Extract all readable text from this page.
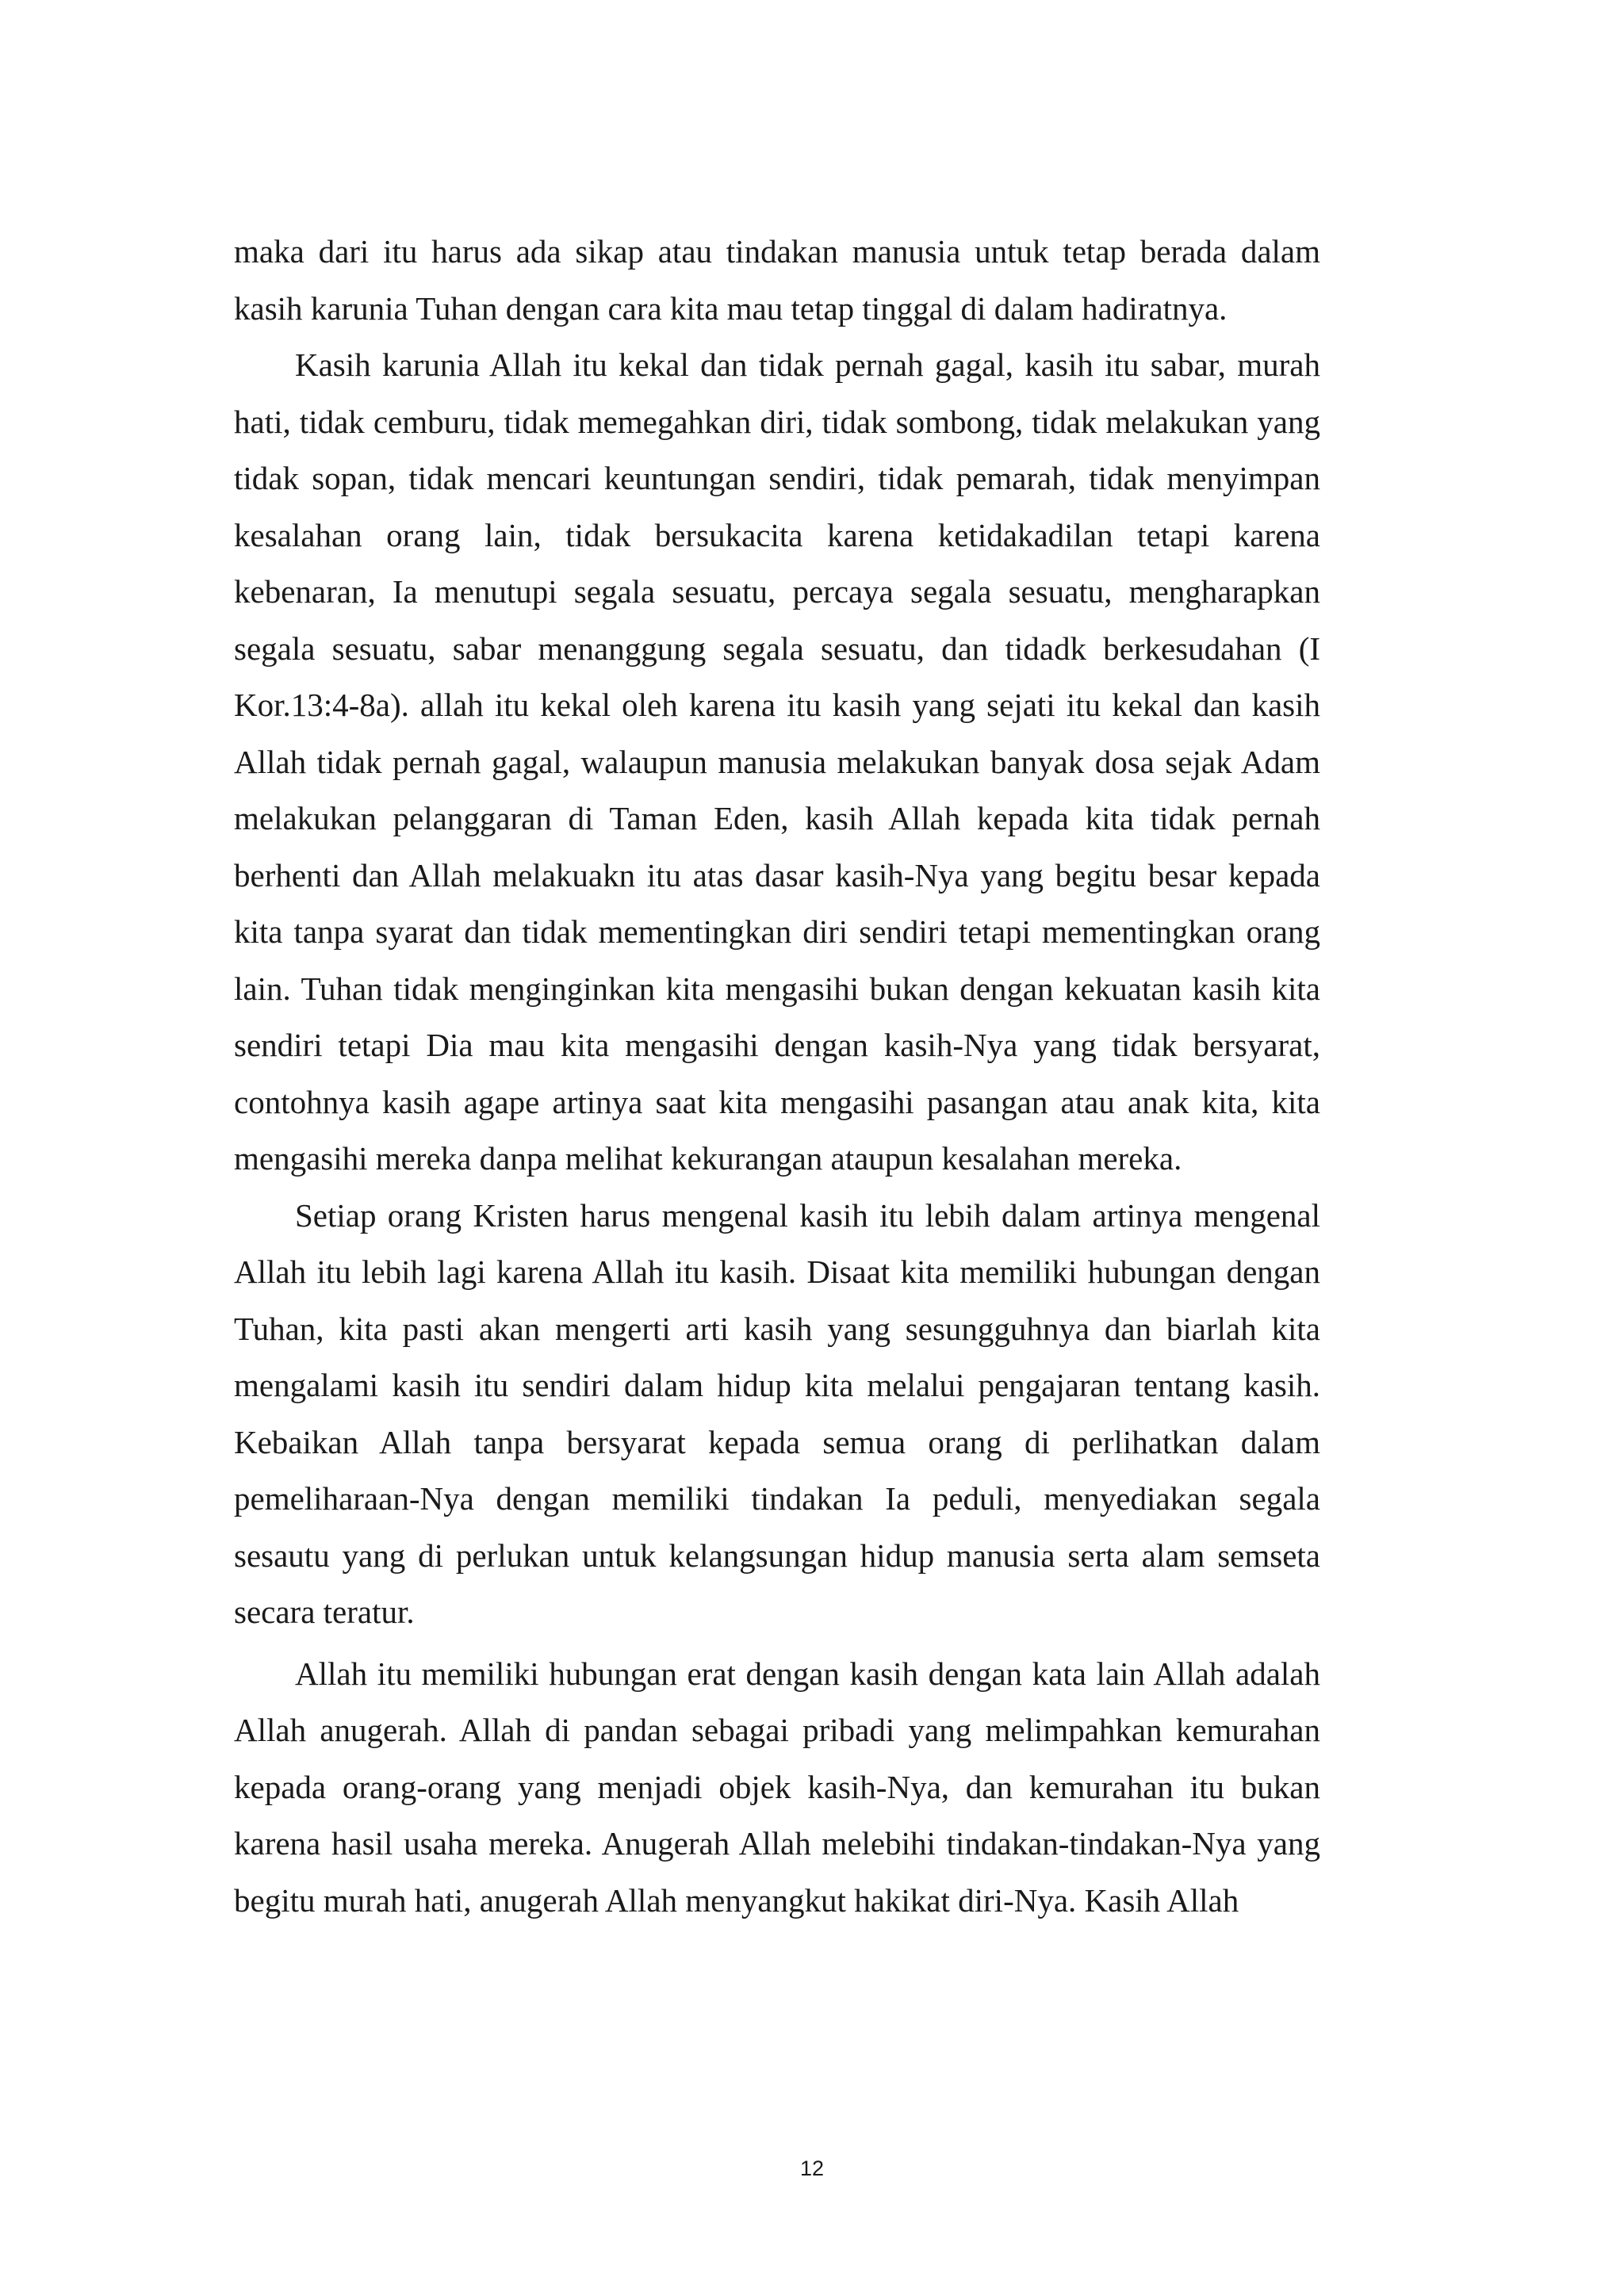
maka dari itu harus ada sikap atau tindakan manusia untuk tetap berada dalam kasih karunia Tuhan dengan cara kita mau tetap tinggal di dalam hadiratnya.

Kasih karunia Allah itu kekal dan tidak pernah gagal, kasih itu sabar, murah hati, tidak cemburu, tidak memegahkan diri, tidak sombong, tidak melakukan yang tidak sopan, tidak mencari keuntungan sendiri, tidak pemarah, tidak menyimpan kesalahan orang lain, tidak bersukacita karena ketidakadilan tetapi karena kebenaran, Ia menutupi segala sesuatu, percaya segala sesuatu, mengharapkan segala sesuatu, sabar menanggung segala sesuatu, dan tidadk berkesudahan (I Kor.13:4-8a). allah itu kekal oleh karena itu kasih yang sejati itu kekal dan kasih Allah tidak pernah gagal, walaupun manusia melakukan banyak dosa sejak Adam melakukan pelanggaran di Taman Eden, kasih Allah kepada kita tidak pernah berhenti dan Allah melakuakn itu atas dasar kasih-Nya yang begitu besar kepada kita tanpa syarat dan tidak mementingkan diri sendiri tetapi mementingkan orang lain. Tuhan tidak menginginkan kita mengasihi bukan dengan kekuatan kasih kita sendiri tetapi Dia mau kita mengasihi dengan kasih-Nya yang tidak bersyarat, contohnya kasih agape artinya saat kita mengasihi pasangan atau anak kita, kita mengasihi mereka danpa melihat kekurangan ataupun kesalahan mereka.

Setiap orang Kristen harus mengenal kasih itu lebih dalam artinya mengenal Allah itu lebih lagi karena Allah itu kasih. Disaat kita memiliki hubungan dengan Tuhan, kita pasti akan mengerti arti kasih yang sesungguhnya dan biarlah kita mengalami kasih itu sendiri dalam hidup kita melalui pengajaran tentang kasih. Kebaikan Allah tanpa bersyarat kepada semua orang di perlihatkan dalam pemeliharaan-Nya dengan memiliki tindakan Ia peduli, menyediakan segala sesautu yang di perlukan untuk kelangsungan hidup manusia serta alam semseta secara teratur.

Allah itu memiliki hubungan erat dengan kasih dengan kata lain Allah adalah Allah anugerah. Allah di pandan sebagai pribadi yang melimpahkan kemurahan kepada orang-orang yang menjadi objek kasih-Nya, dan kemurahan itu bukan karena hasil usaha mereka. Anugerah Allah melebihi tindakan-tindakan-Nya yang begitu murah hati, anugerah Allah menyangkut hakikat diri-Nya. Kasih Allah

12
